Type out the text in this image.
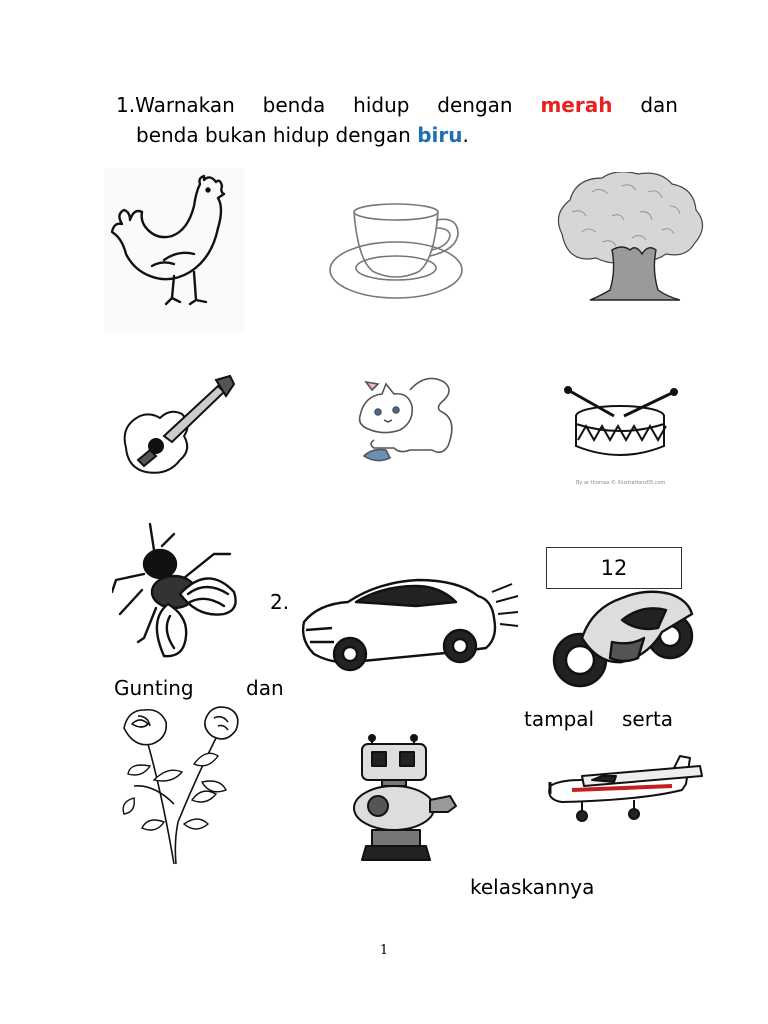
1.Warnakan benda hidup dengan merah dan
benda bukan hidup dengan biru.
By ar thomas © illustrations05.com
2.
12
Gunting	dan
tampal serta
kelaskannya
1
